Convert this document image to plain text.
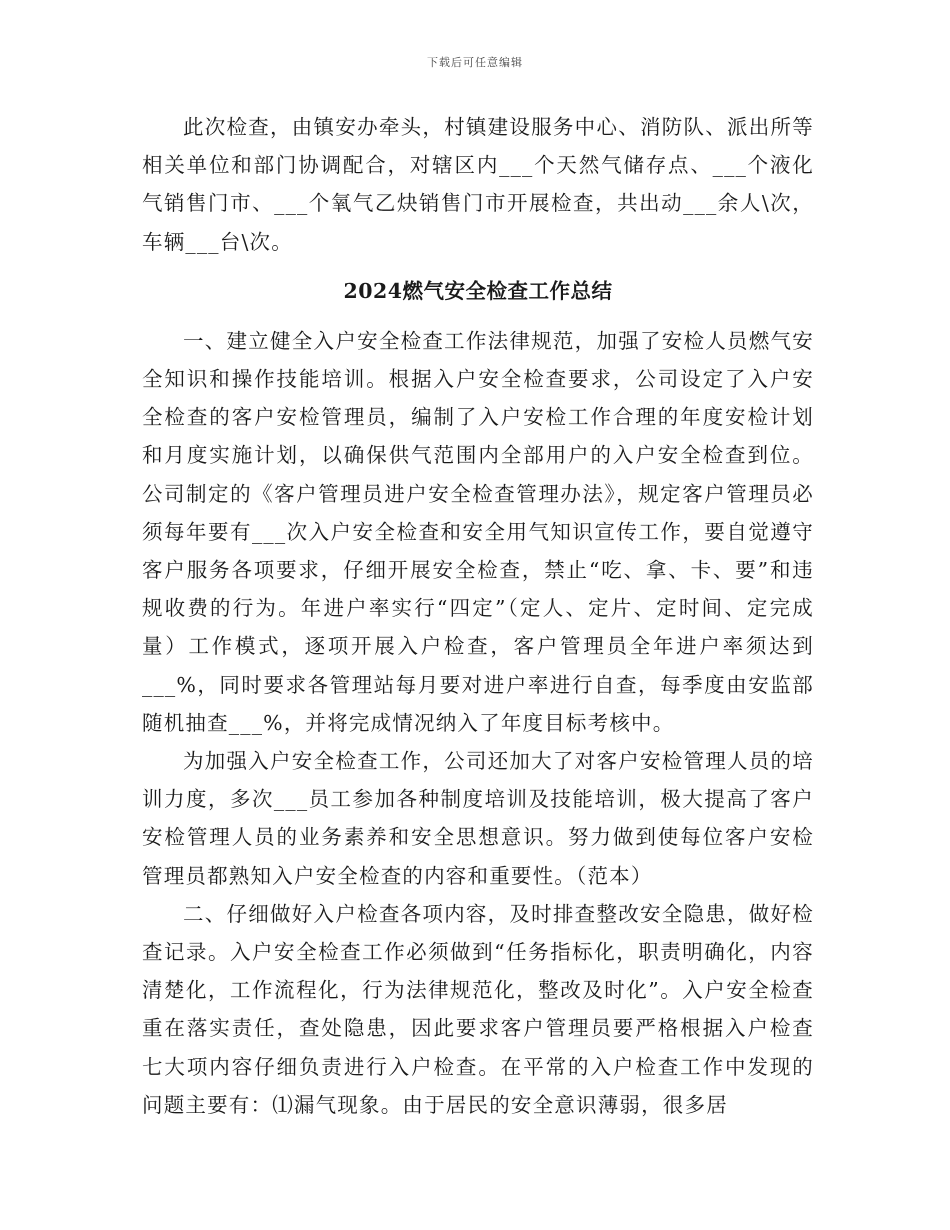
下载后可任意编辑

此次检查，由镇安办牵头，村镇建设服务中心、消防队、派出所等相关单位和部门协调配合，对辖区内___个天然气储存点、___个液化气销售门市、___个氧气乙炔销售门市开展检查，共出动___余人\次，车辆___台\次。

2024燃气安全检查工作总结

一、建立健全入户安全检查工作法律规范，加强了安检人员燃气安全知识和操作技能培训。根据入户安全检查要求，公司设定了入户安全检查的客户安检管理员，编制了入户安检工作合理的年度安检计划和月度实施计划，以确保供气范围内全部用户的入户安全检查到位。公司制定的《客户管理员进户安全检查管理办法》，规定客户管理员必须每年要有___次入户安全检查和安全用气知识宣传工作，要自觉遵守客户服务各项要求，仔细开展安全检查，禁止“吃、拿、卡、要”和违规收费的行为。年进户率实行“四定”（定人、定片、定时间、定完成量）工作模式，逐项开展入户检查，客户管理员全年进户率须达到___%，同时要求各管理站每月要对进户率进行自查，每季度由安监部随机抽查___%，并将完成情况纳入了年度目标考核中。

为加强入户安全检查工作，公司还加大了对客户安检管理人员的培训力度，多次___员工参加各种制度培训及技能培训，极大提高了客户安检管理人员的业务素养和安全思想意识。努力做到使每位客户安检管理员都熟知入户安全检查的内容和重要性。（范本）

二、仔细做好入户检查各项内容，及时排查整改安全隐患，做好检查记录。入户安全检查工作必须做到“任务指标化，职责明确化，内容清楚化，工作流程化，行为法律规范化，整改及时化”。入户安全检查重在落实责任，查处隐患，因此要求客户管理员要严格根据入户检查七大项内容仔细负责进行入户检查。在平常的入户检查工作中发现的问题主要有：⑴漏气现象。由于居民的安全意识薄弱，很多居
